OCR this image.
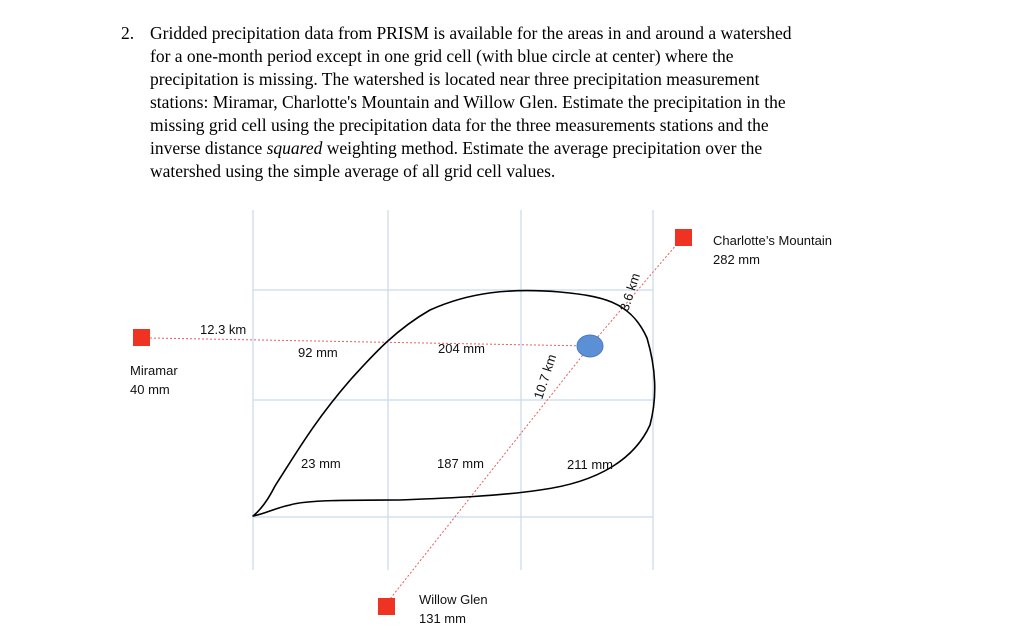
2. Gridded precipitation data from PRISM is available for the areas in and around a watershed

for a one-month period except in one grid cell (with blue circle at center) where the

precipitation is missing. The watershed is located near three precipitation measurement

stations: Miramar, Charlotte's Mountain and Willow Glen. Estimate the precipitation in the

missing grid cell using the precipitation data for the three measurements stations and the

inverse distance squared weighting method. Estimate the average precipitation over the

watershed using the simple average of all grid cell values.

Miramar
40 mm
Charlotte’s Mountain
282 mm
Willow Glen
131 mm
12.3 km
3.6 km
10.7 km
92 mm	204 mm
23 mm	187 mm	211 mm
